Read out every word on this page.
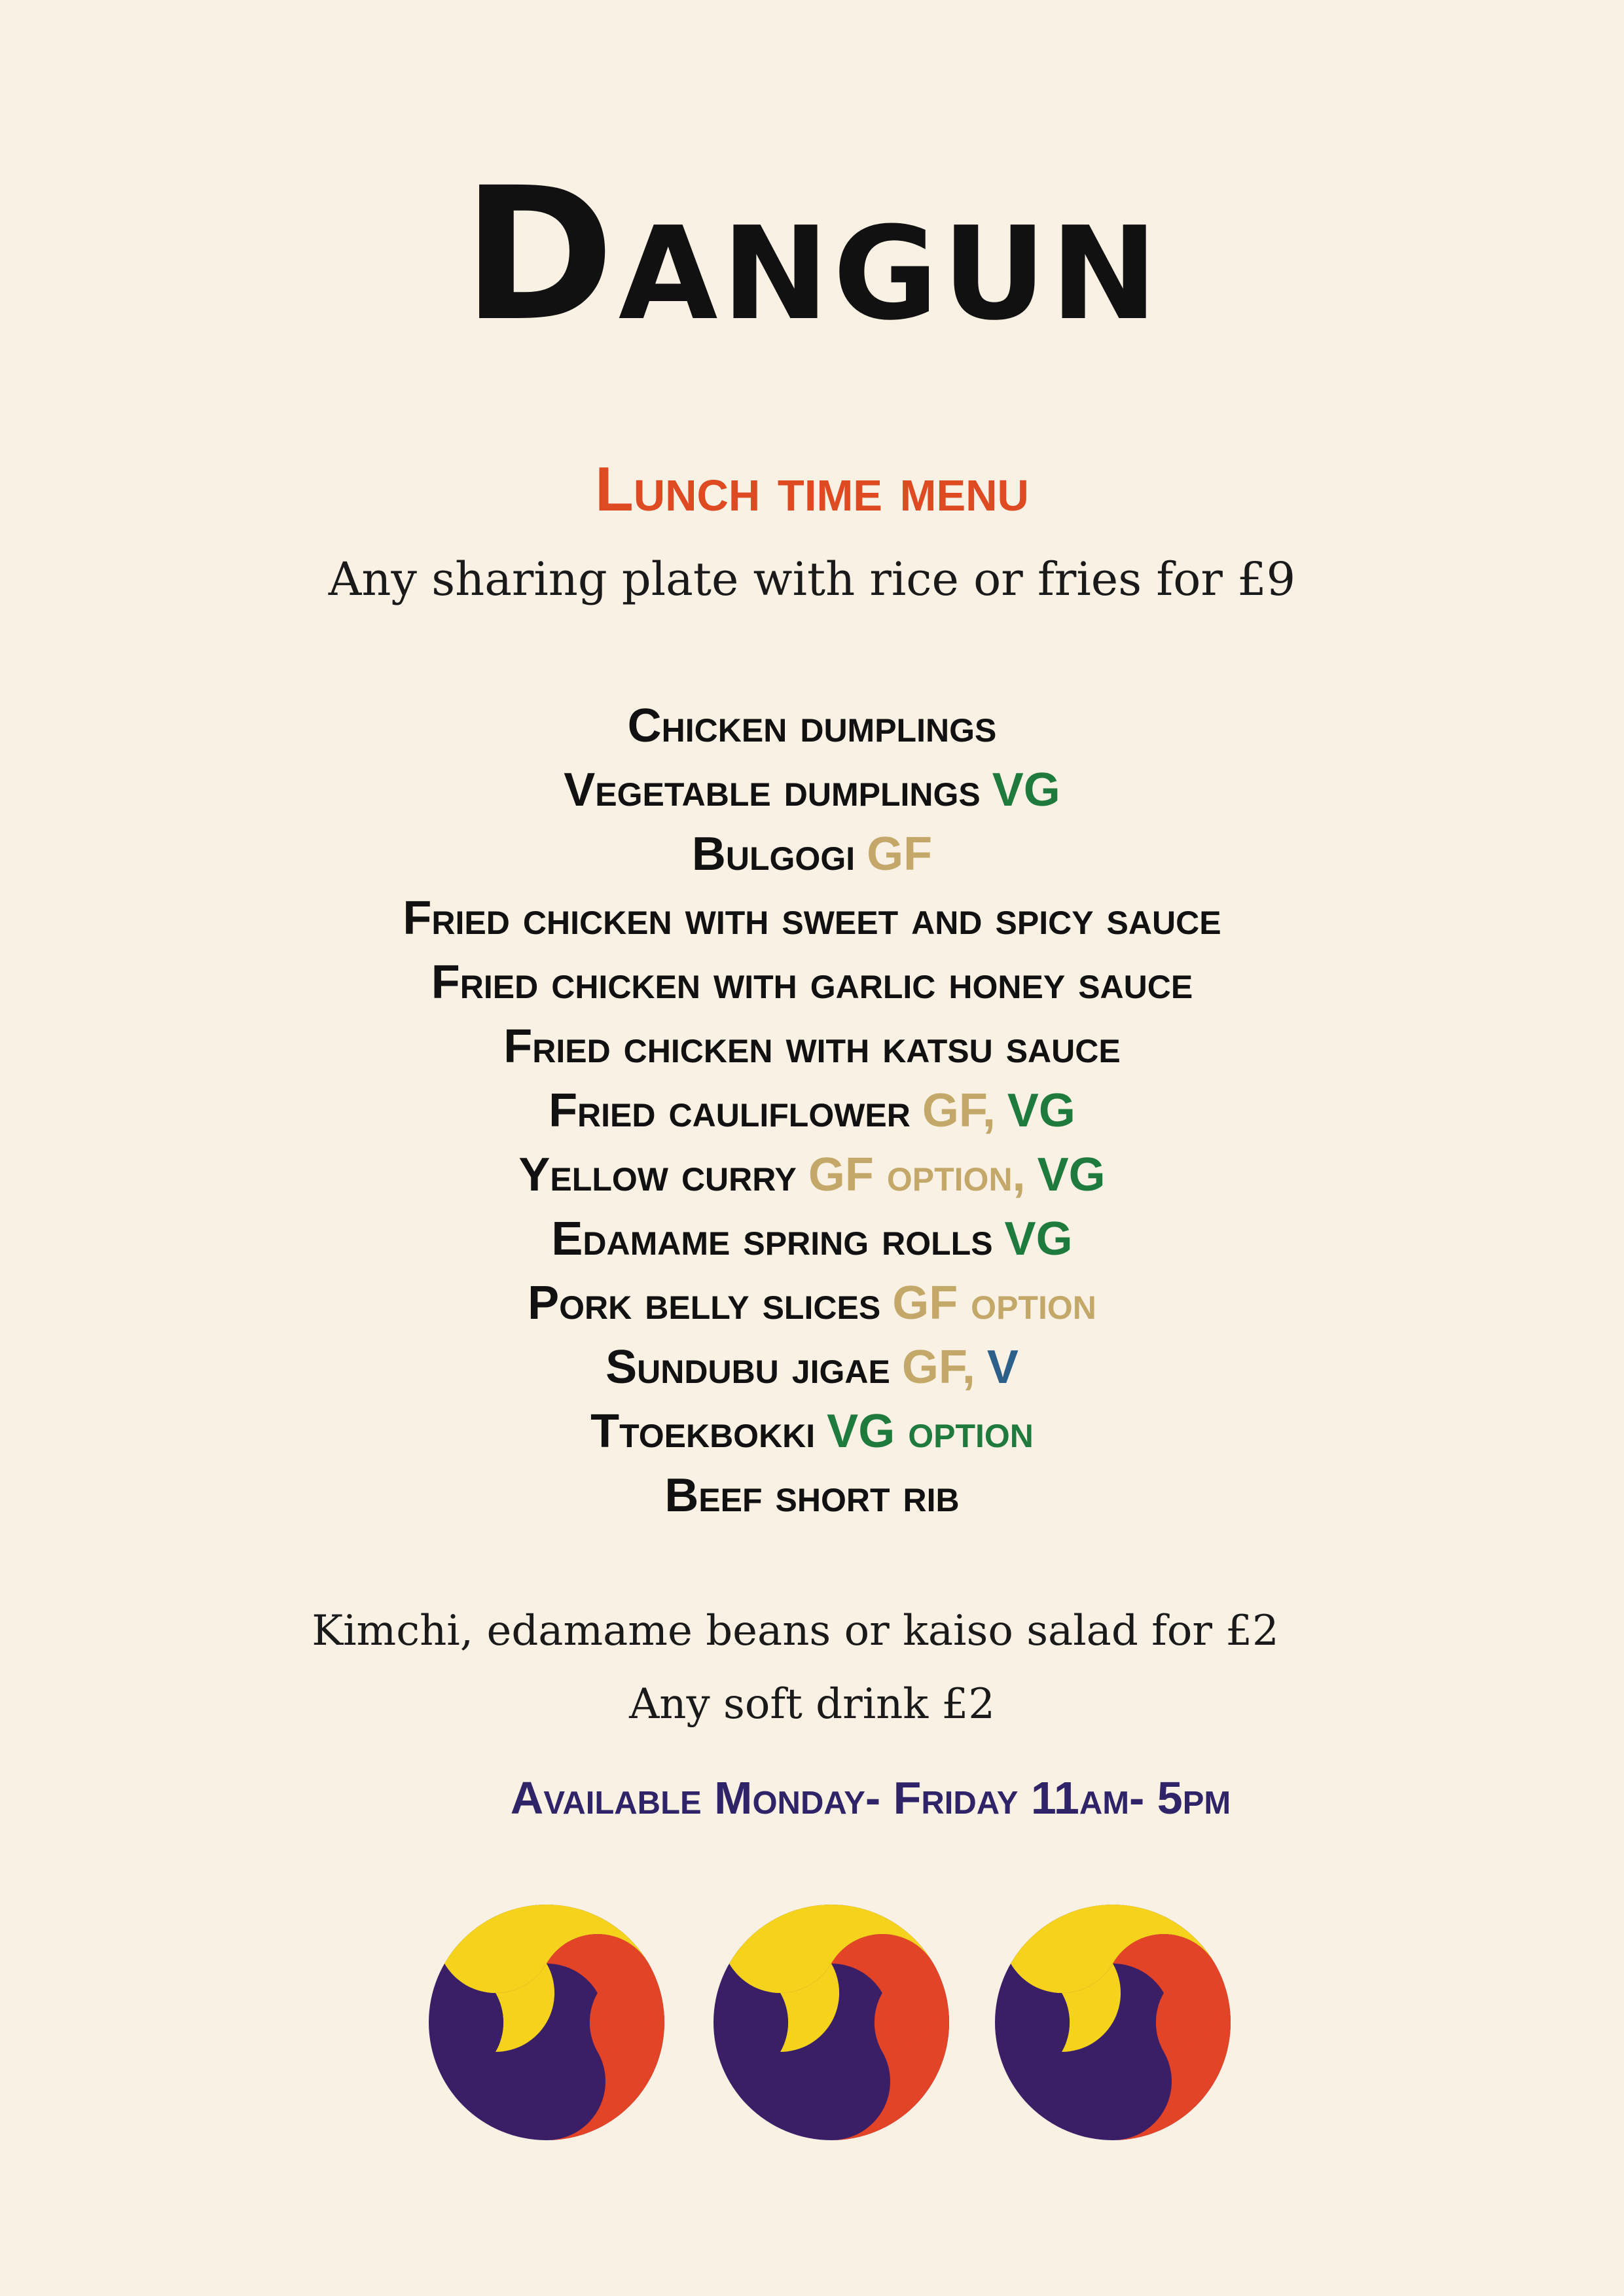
Dangun
Lunch time menu
Any sharing plate with rice or fries for £9
Chicken dumplings
Vegetable dumplings VG
Bulgogi GF
Fried chicken with sweet and spicy sauce
Fried chicken with garlic honey sauce
Fried chicken with katsu sauce
Fried cauliflower GF, VG
Yellow curry GF option, VG
Edamame spring rolls VG
Pork belly slices GF option
Sundubu jigae GF, V
Ttoekbokki VG option
Beef short rib
Kimchi, edamame beans or kaiso salad for £2
Any soft drink £2
Available Monday- Friday 11am- 5pm
